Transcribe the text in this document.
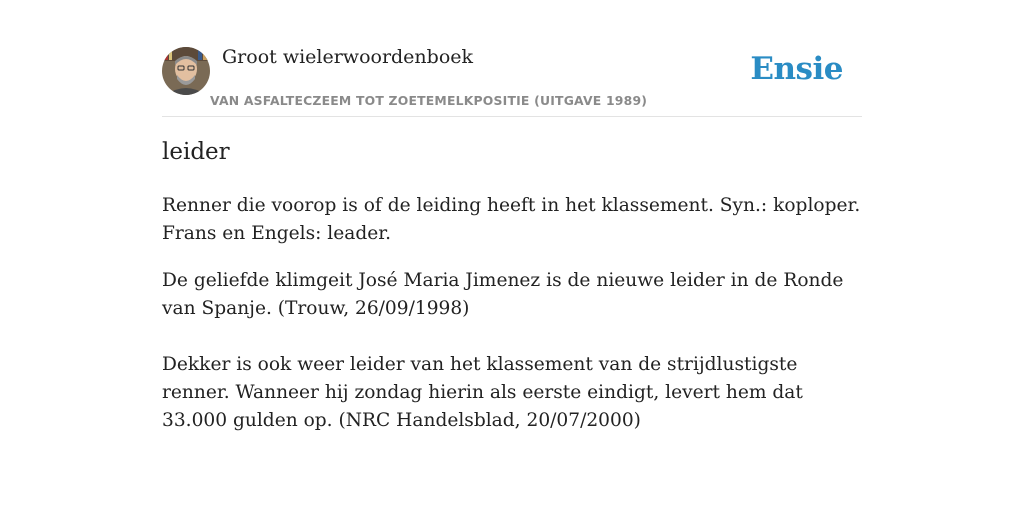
Groot wielerwoordenboek
VAN ASFALTECZEEM TOT ZOETEMELKPOSITIE (UITGAVE 1989)
Ensie
leider

Renner die voorop is of de leiding heeft in het klassement. Syn.: koploper. Frans en Engels: leader.

De geliefde klimgeit José Maria Jimenez is de nieuwe leider in de Ronde van Spanje. (Trouw, 26/09/1998)

Dekker is ook weer leider van het klassement van de strijdlustigste renner. Wanneer hij zondag hierin als eerste eindigt, levert hem dat 33.000 gulden op. (NRC Handelsblad, 20/07/2000)
